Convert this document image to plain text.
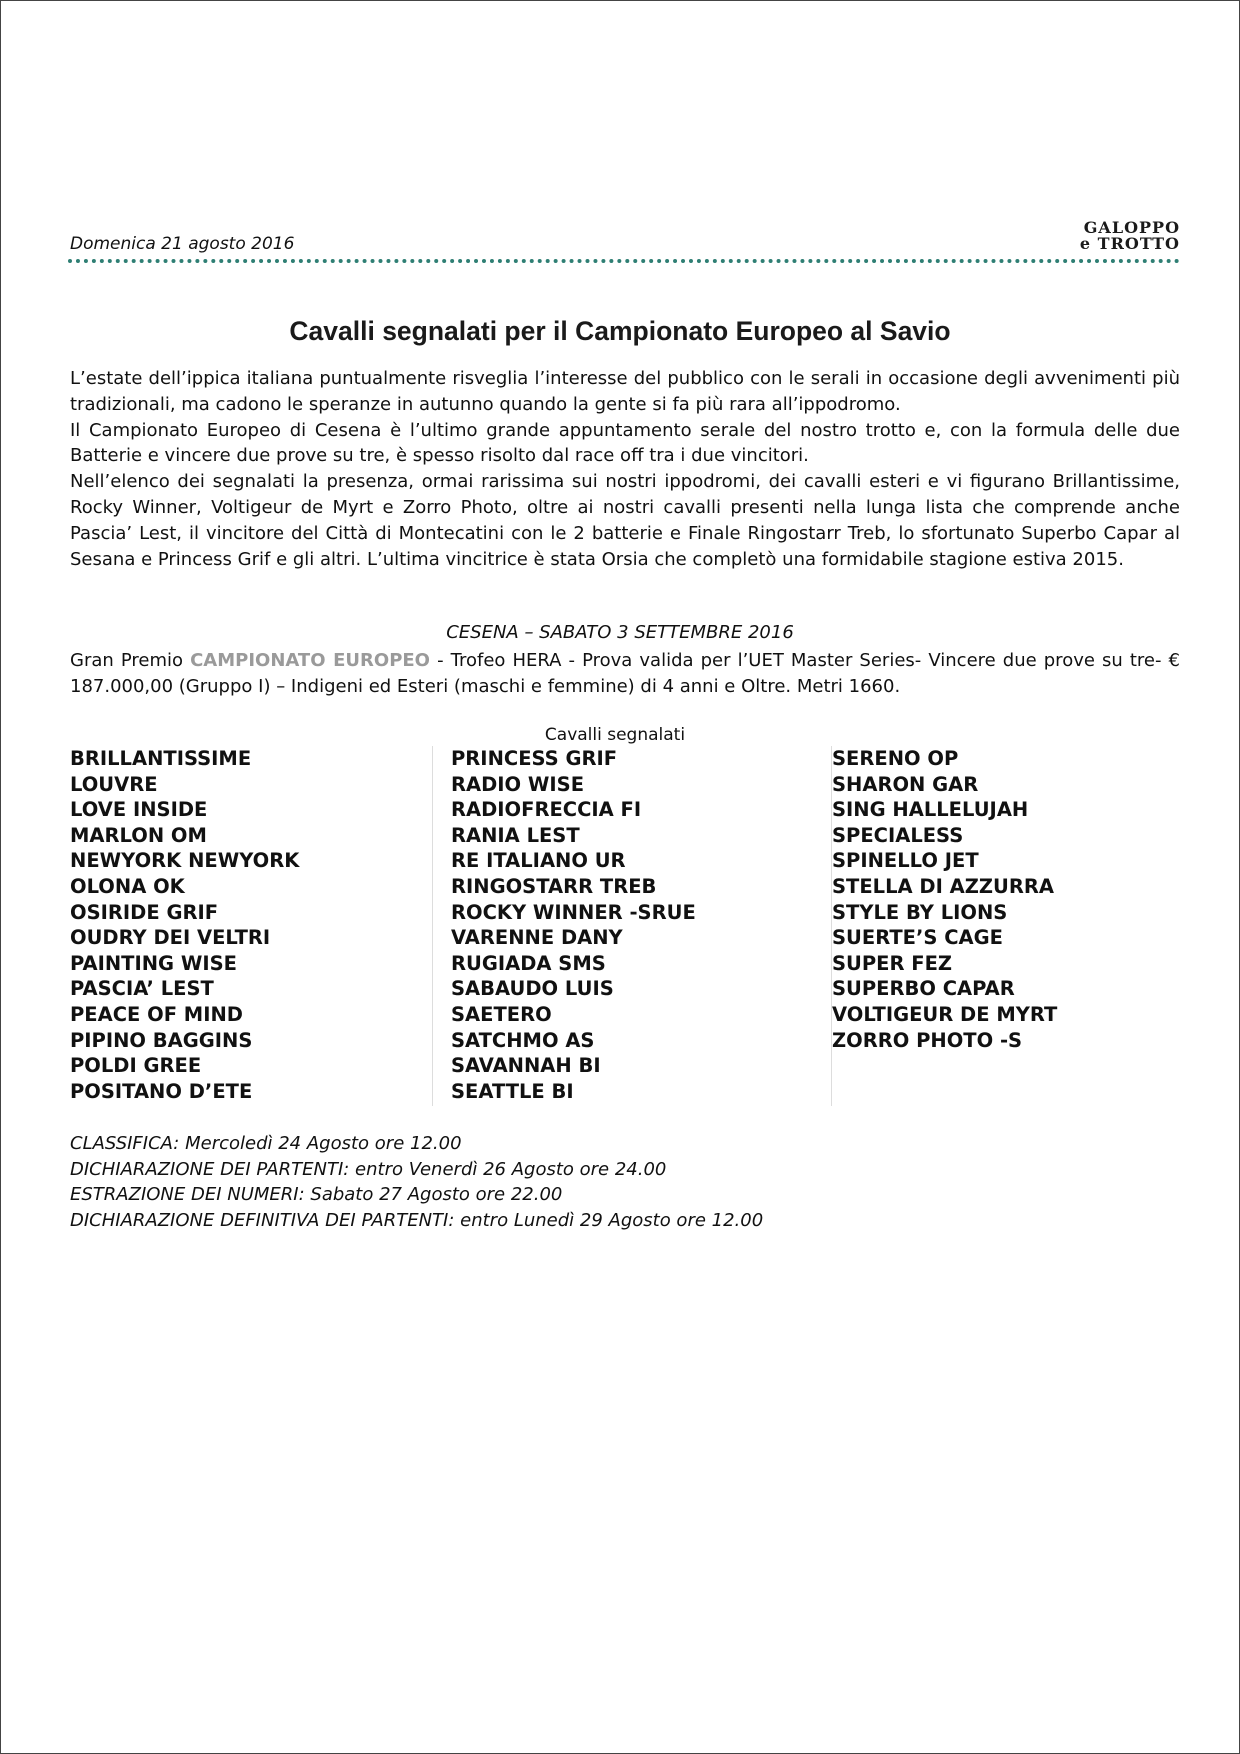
Domenica 21 agosto 2016
GALOPPO
e TROTTO
Cavalli segnalati per il Campionato Europeo al Savio

L’estate dell’ippica italiana puntualmente risveglia l’interesse del pubblico con le serali in occasione degli avvenimenti più tradizionali, ma cadono le speranze in autunno quando la gente si fa più rara all’ippodromo.

Il Campionato Europeo di Cesena è l’ultimo grande appuntamento serale del nostro trotto e, con la formula delle due Batterie e vincere due prove su tre, è spesso risolto dal race off tra i due vincitori.

Nell’elenco dei segnalati la presenza, ormai rarissima sui nostri ippodromi, dei cavalli esteri e vi figurano Brillantissime, Rocky Winner, Voltigeur de Myrt e Zorro Photo, oltre ai nostri cavalli presenti nella lunga lista che comprende anche Pascia’ Lest, il vincitore del Città di Montecatini con le 2 batterie e Finale Ringostarr Treb, lo sfortunato Superbo Capar al Sesana e Princess Grif e gli altri. L’ultima vincitrice è stata Orsia che completò una formidabile stagione estiva 2015.

CESENA – SABATO 3 SETTEMBRE 2016
Gran Premio CAMPIONATO EUROPEO - Trofeo HERA - Prova valida per l’UET Master Series- Vincere due prove su tre- € 187.000,00 (Gruppo I) – Indigeni ed Esteri (maschi e femmine) di 4 anni e Oltre. Metri 1660.
Cavalli segnalati
BRILLANTISSIME
LOUVRE
LOVE INSIDE
MARLON OM
NEWYORK NEWYORK
OLONA OK
OSIRIDE GRIF
OUDRY DEI VELTRI
PAINTING WISE
PASCIA’ LEST
PEACE OF MIND
PIPINO BAGGINS
POLDI GREE
POSITANO D’ETE
PRINCESS GRIF
RADIO WISE
RADIOFRECCIA FI
RANIA LEST
RE ITALIANO UR
RINGOSTARR TREB
ROCKY WINNER -SRUE
VARENNE DANY
RUGIADA SMS
SABAUDO LUIS
SAETERO
SATCHMO AS
SAVANNAH BI
SEATTLE BI
SERENO OP
SHARON GAR
SING HALLELUJAH
SPECIALESS
SPINELLO JET
STELLA DI AZZURRA
STYLE BY LIONS
SUERTE’S CAGE
SUPER FEZ
SUPERBO CAPAR
VOLTIGEUR DE MYRT
ZORRO PHOTO -S
CLASSIFICA: Mercoledì 24 Agosto ore 12.00
DICHIARAZIONE DEI PARTENTI: entro Venerdì 26 Agosto ore 24.00
ESTRAZIONE DEI NUMERI: Sabato 27 Agosto ore 22.00
DICHIARAZIONE DEFINITIVA DEI PARTENTI: entro Lunedì 29 Agosto ore 12.00
